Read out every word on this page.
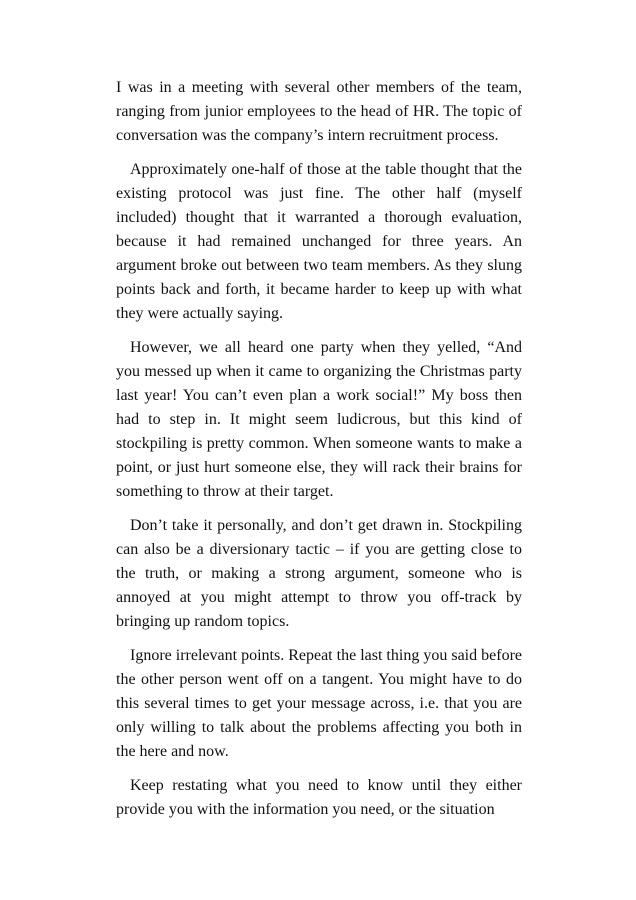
I was in a meeting with several other members of the team, ranging from junior employees to the head of HR. The topic of conversation was the company’s intern recruitment process.

Approximately one-half of those at the table thought that the existing protocol was just fine. The other half (myself included) thought that it warranted a thorough evaluation, because it had remained unchanged for three years. An argument broke out between two team members. As they slung points back and forth, it became harder to keep up with what they were actually saying.

However, we all heard one party when they yelled, “And you messed up when it came to organizing the Christmas party last year! You can’t even plan a work social!” My boss then had to step in. It might seem ludicrous, but this kind of stockpiling is pretty common. When someone wants to make a point, or just hurt someone else, they will rack their brains for something to throw at their target.

Don’t take it personally, and don’t get drawn in. Stockpiling can also be a diversionary tactic – if you are getting close to the truth, or making a strong argument, someone who is annoyed at you might attempt to throw you off-track by bringing up random topics.

Ignore irrelevant points. Repeat the last thing you said before the other person went off on a tangent. You might have to do this several times to get your message across, i.e. that you are only willing to talk about the problems affecting you both in the here and now.

Keep restating what you need to know until they either provide you with the information you need, or the situation
